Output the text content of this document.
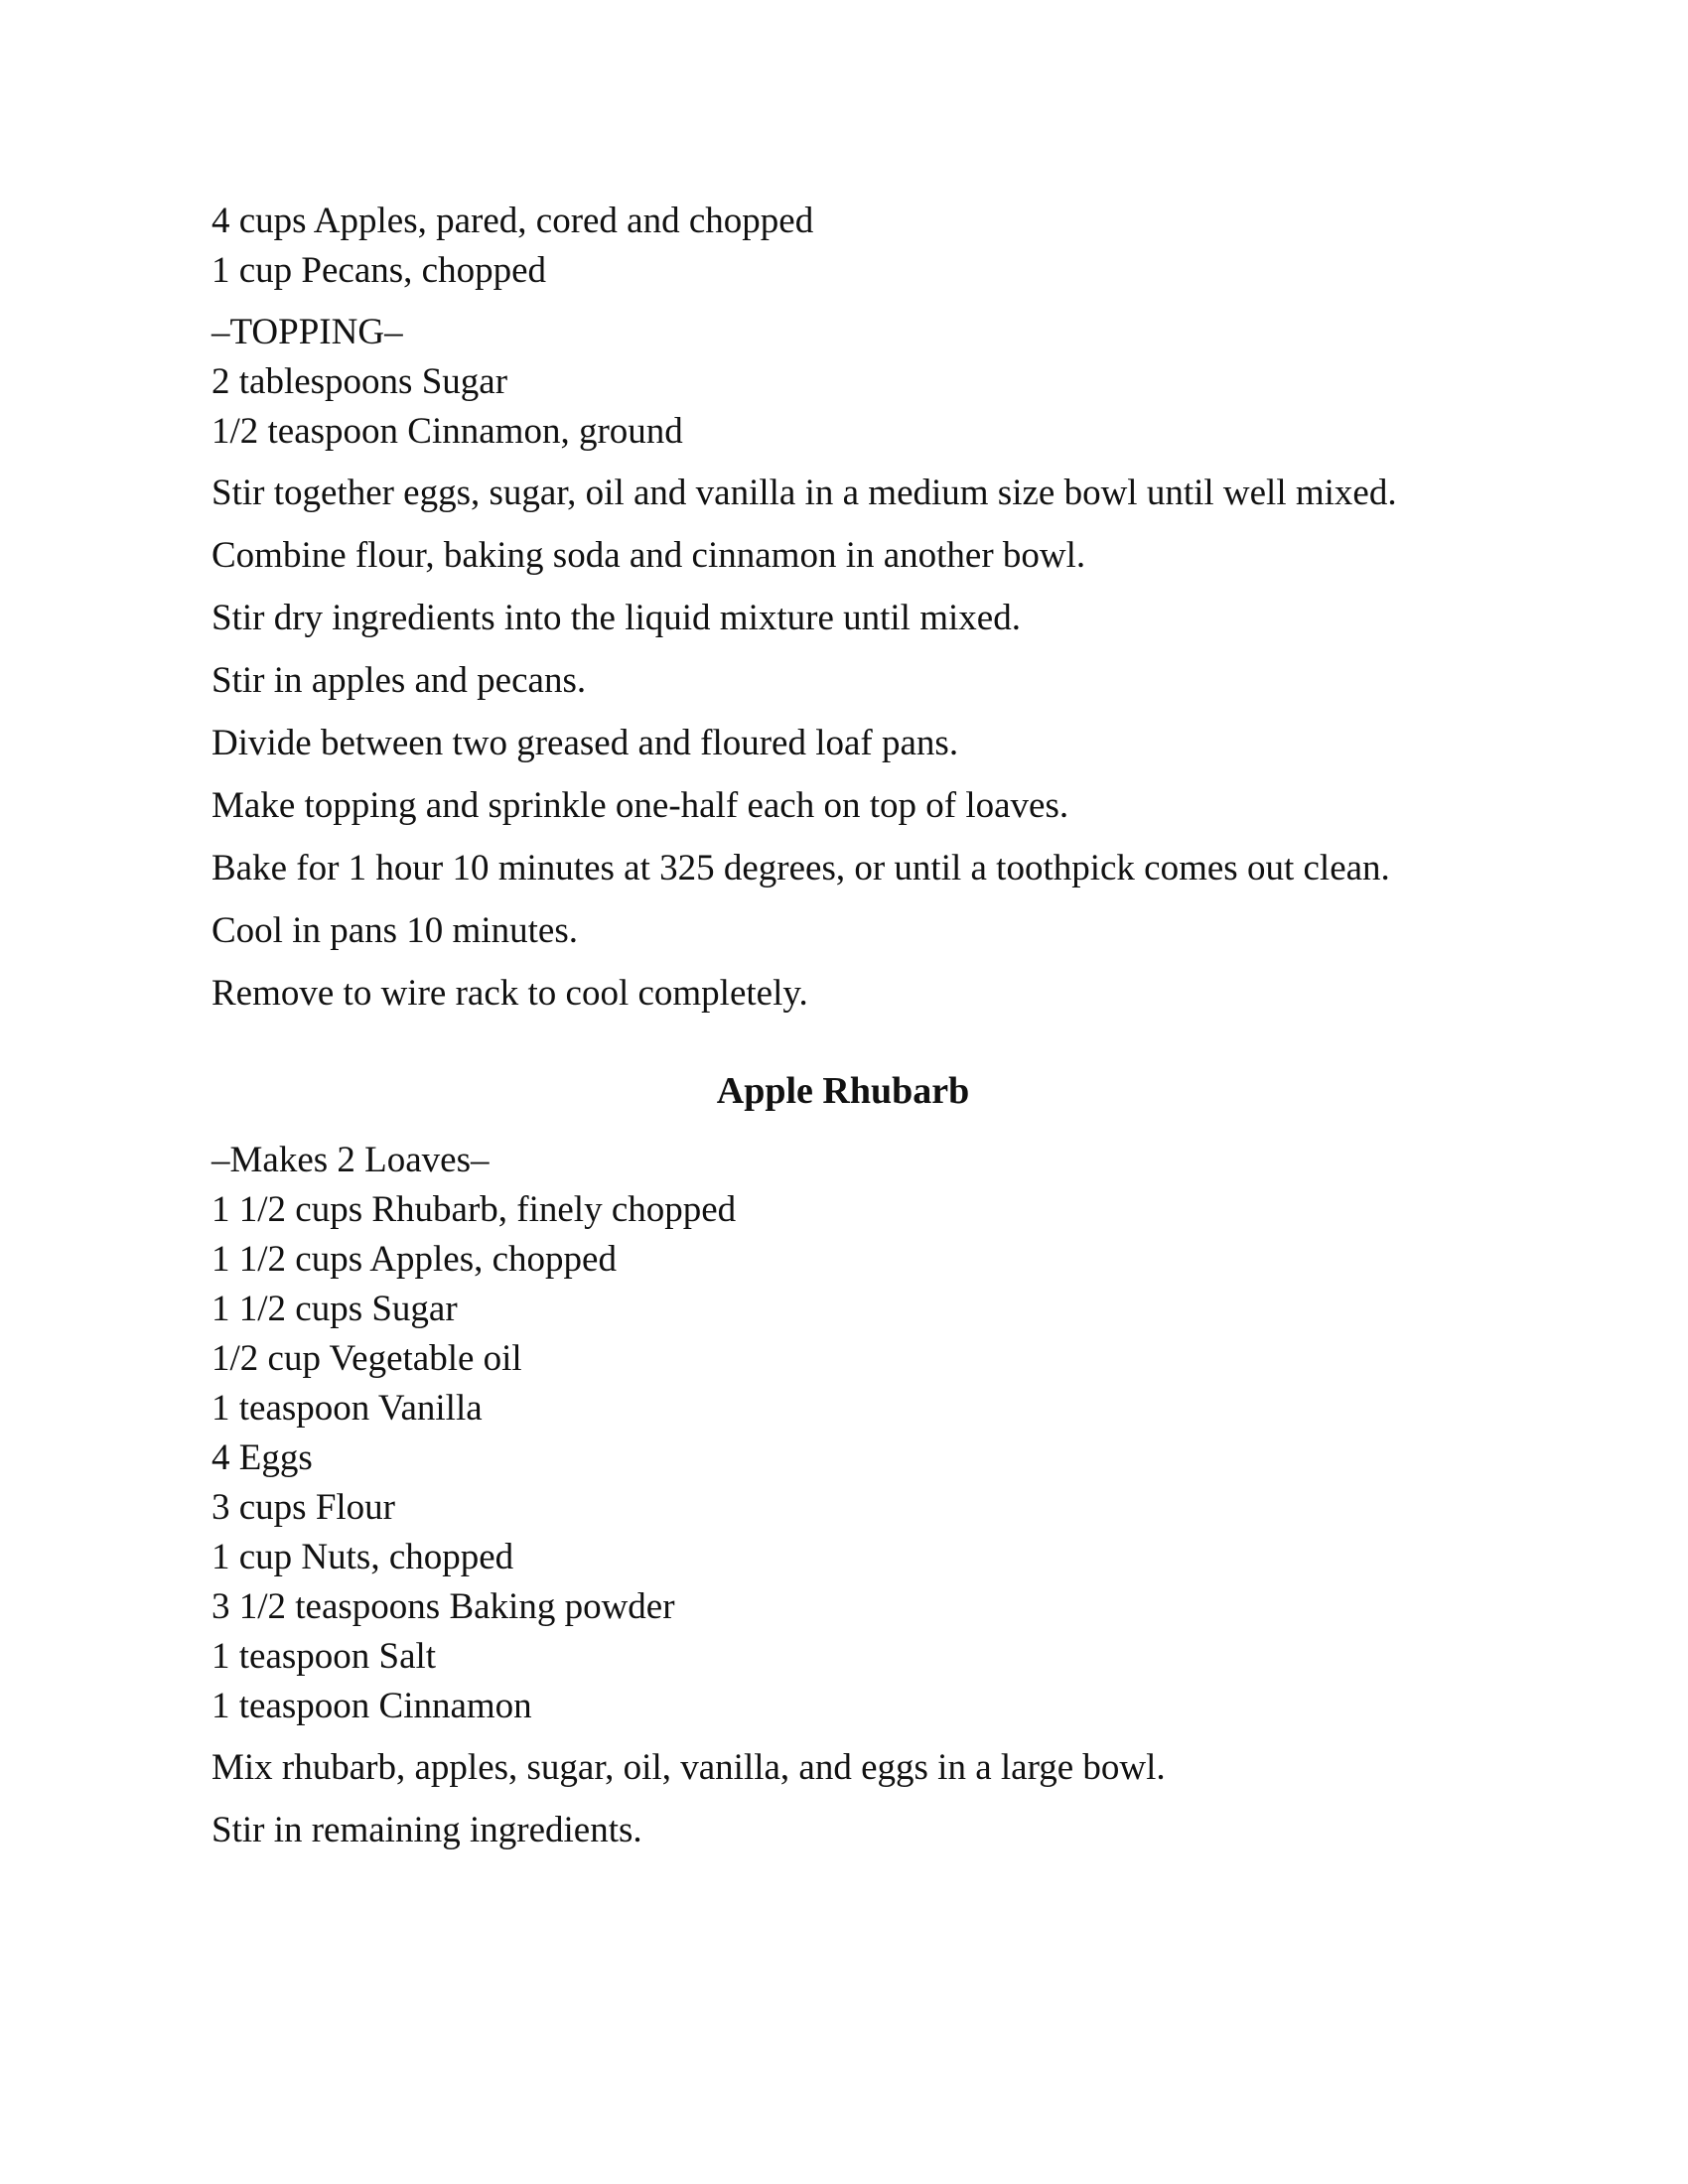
4 cups Apples, pared, cored and chopped

1 cup Pecans, chopped

–TOPPING–

2 tablespoons Sugar

1/2 teaspoon Cinnamon, ground

Stir together eggs, sugar, oil and vanilla in a medium size bowl until well mixed.

Combine flour, baking soda and cinnamon in another bowl.

Stir dry ingredients into the liquid mixture until mixed.

Stir in apples and pecans.

Divide between two greased and floured loaf pans.

Make topping and sprinkle one-half each on top of loaves.

Bake for 1 hour 10 minutes at 325 degrees, or until a toothpick comes out clean.

Cool in pans 10 minutes.

Remove to wire rack to cool completely.

Apple Rhubarb

–Makes 2 Loaves–

1 1/2 cups Rhubarb, finely chopped

1 1/2 cups Apples, chopped

1 1/2 cups Sugar

1/2 cup Vegetable oil

1 teaspoon Vanilla

4 Eggs

3 cups Flour

1 cup Nuts, chopped

3 1/2 teaspoons Baking powder

1 teaspoon Salt

1 teaspoon Cinnamon

Mix rhubarb, apples, sugar, oil, vanilla, and eggs in a large bowl.

Stir in remaining ingredients.
